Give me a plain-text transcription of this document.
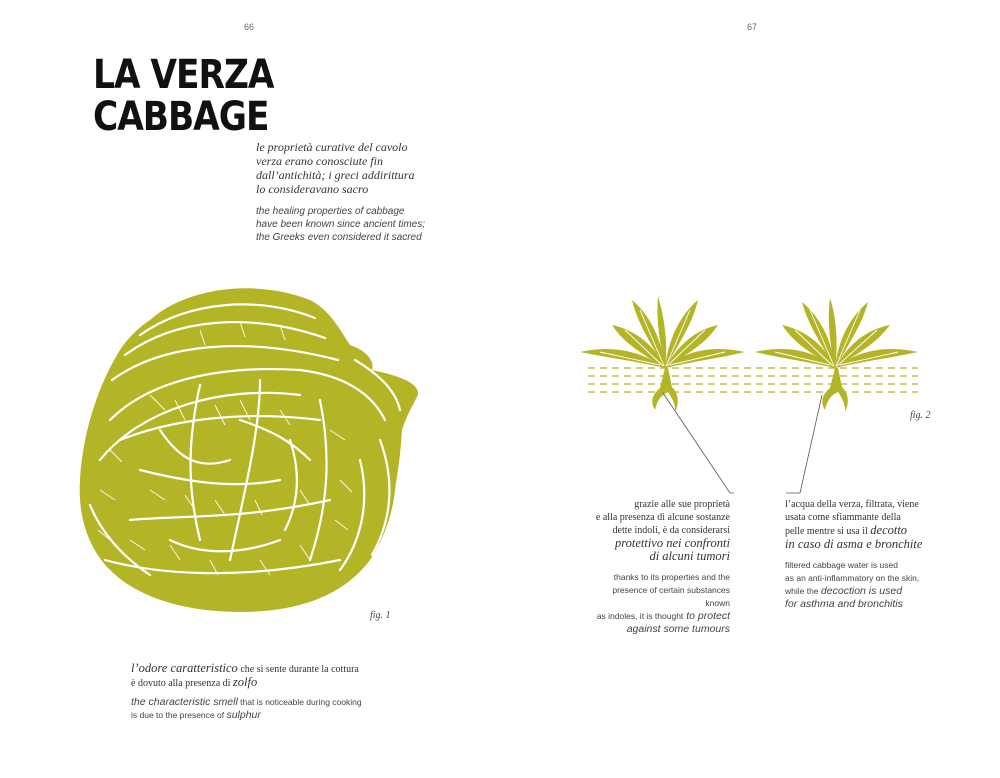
66
LA VERZA
CABBAGE
le proprietà curative del cavolo
verza erano conosciute fin
dall’antichità; i greci addirittura
lo consideravano sacro
the healing properties of cabbage
have been known since ancient times;
the Greeks even considered it sacred
fig. 1
l’odore caratteristico che si sente durante la cottura
è dovuto alla presenza di zolfo
the characteristic smell that is noticeable during cooking
is due to the presence of sulphur
67
fig. 2
grazie alle sue proprietà
e alla presenza di alcune sostanze
dette indoli, è da considerarsi
protettivo nei confronti
di alcuni tumori
thanks to its properties and the
presence of certain substances known
as indoles, it is thought to protect
against some tumours
l’acqua della verza, filtrata, viene
usata come sfiammante della
pelle mentre si usa il decotto
in caso di asma e bronchite
filtered cabbage water is used
as an anti-inflammatory on the skin,
while the decoction is used
for asthma and bronchitis
